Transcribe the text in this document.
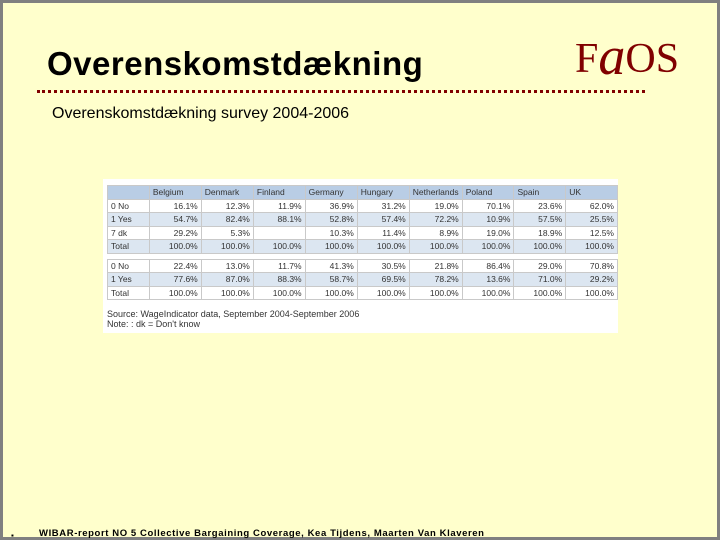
Overenskomstdækning	FaOS
Overenskomstdækning survey 2004-2006
	Belgium	Denmark	Finland	Germany	Hungary	Netherlands	Poland	Spain	UK
0 No	16.1%	12.3%	11.9%	36.9%	31.2%	19.0%	70.1%	23.6%	62.0%
1 Yes	54.7%	82.4%	88.1%	52.8%	57.4%	72.2%	10.9%	57.5%	25.5%
7 dk	29.2%	5.3%		10.3%	11.4%	8.9%	19.0%	18.9%	12.5%
Total	100.0%	100.0%	100.0%	100.0%	100.0%	100.0%	100.0%	100.0%	100.0%

0 No	22.4%	13.0%	11.7%	41.3%	30.5%	21.8%	86.4%	29.0%	70.8%
1 Yes	77.6%	87.0%	88.3%	58.7%	69.5%	78.2%	13.6%	71.0%	29.2%
Total	100.0%	100.0%	100.0%	100.0%	100.0%	100.0%	100.0%	100.0%	100.0%
Source: WageIndicator data, September 2004-September 2006
Note: : dk = Don't know
▪	WIBAR-report NO 5 Collective Bargaining Coverage, Kea Tijdens, Maarten Van Klaveren
